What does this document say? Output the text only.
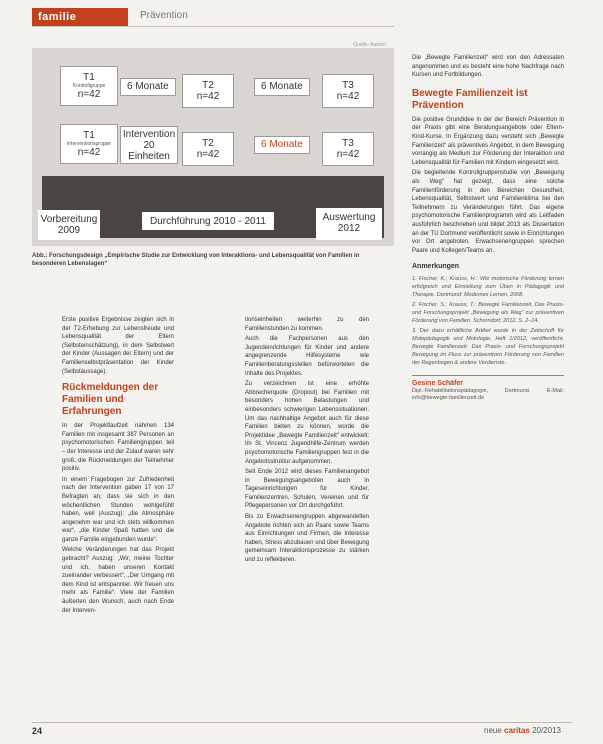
familie	Prävention
Quelle: Autorin
T1
Kontrollgruppe
n=42
6 Monate	T2
n=42
6 Monate	T3
n=42
T1
Interventionsgruppe
n=42
Intervention 20 Einheiten
T2
n=42
6 Monate	T3
n=42
Vorbereitung 2009
Durchführung 2010 - 2011	Auswertung 2012
Abb.: Forschungsdesign „Empirische Studie zur Entwicklung von Interaktions- und Lebensqualität von Familien in besonderen Lebenslagen“

Erste positive Ergebnisse zeigten sich in der T2-Erhebung zur Lebensfreude und Lebensqualität der Eltern (Selbsteinschätzung), in dem Selbstwert der Kinder (Aussagen der Eltern) und der Familienselbstpräsentation der Kinder (Selbstaussage).

Rückmeldungen der Familien und Erfahrungen

In der Projektlaufzeit nahmen 134 Familien mit insgesamt 387 Personen an psychomotorischen Familiengruppen teil – der Interesse und der Zulauf waren sehr groß, die Rückmeldungen der Teilnehmer positiv.

In einem Fragebogen zur Zufriedenheit nach der Intervention gaben 17 von 17 Befragten an, dass sie sich in den wöchentlichen Stunden wohlgefühlt haben, weil (Auszug): „die Atmosphäre angenehm war und ich stets willkommen war“, „die Kinder Spaß hatten und die ganze Familie eingebunden wurde“.

Welche Veränderungen hat das Projekt gebracht? Auszug: „Wir, meine Tochter und ich, haben unseren Kontakt zueinander verbessert“, „Der Umgang mit dem Kind ist entspannter. Wir freuen uns mehr als Familie“. Viele der Familien äußerten den Wunsch, auch nach Ende der Interven-

tionseinheiten weiterhin zu den Familienstunden zu kommen.

Auch die Fachpersonen aus den Jugendeinrichtungen für Kinder und andere angegrenzende Hilfesysteme wie Familienberatungsstellen befürworteten die Inhalte des Projektes.

Zu verzeichnen ist eine erhöhte Abbrecherquote (Dropout) bei Familien mit besonders hohen Belastungen und einbesonders schwierigen Lebenssituationen. Um das nachhaltige Angebot auch für diese Familien bieten zu können, wurde die Projektidee „Bewegte Familienzeit“ entwickelt: Im St. Vincenz Jugendhilfe-Zentrum werden psychomotorische Familiengruppen fest in die Angebotsstruktur aufgenommen.

Seit Ende 2012 wird dieses Familienangebot in Bewegungsangeboten auch in Tageseinrichtungen für Kinder, Familienzentren, Schulen, Vereinen und für Pflegepersonen vor Ort durchgeführt.

Bis zu Erwachsenengruppen abgewandelten Angebote richten sich an Paare sowie Teams aus Einrichtungen und Firmen, die Interesse haben, Stress abzubauen und über Bewegung gemeinsam Interaktionsprozesse zu stärken und zu reflektieren.

Die „Bewegte Familienzeit“ wird von den Adressaten angenommen und es besteht eine hohe Nachfrage nach Kursen und Fortbildungen.

Bewegte Familienzeit ist Prävention

Die positive Grundidee in der der Bereich Prävention in der Praxis gibt eine Beratungsangebote oder Eltern-Kind-Kurse. In Ergänzung dazu versteht sich „Bewegte Familienzeit“ als präventives Angebot, in dem Bewegung vorrangig als Medium zur Förderung der Interaktion und Lebensqualität für Familien mit Kindern eingesetzt wird.

Die begleitende Kontrollgruppenstudie von „Bewegung als Weg“ hat gezeigt, dass eine solche Familienförderung in den Bereichen Gesundheit, Lebensqualität, Selbstwert und Familienklima bei den Teilnehmern zu Veränderungen führt. Das eigene psychomotorische Familienprogramm wird als Leitfaden ausführlich beschrieben und bildet 2013 als Dissertation an der TU Dortmund veröffentlicht sowie in Einrichtungen vor Ort angeboten. Erwachsenengruppen sprechen Paare und Kollegen/Teams an.

Anmerkungen

1. Fischer, K.; Krauss, H.: Wie motorische Förderung lernen erfolgreich und Einstellung zum Üben in Pädagogik und Therapie. Dortmund: Modernes Lernen, 2008.

2. Fischer, S.; Krauss, T.: Bewegte Familienzeit. Das Praxis- und Forschungsprojekt „Bewegung als Weg“ zur präventiven Förderung von Familien. Schorndorf, 2012, S. 2–14.

3. Der dazu erhältliche Artikel wurde in der Zeitschrift für Motopädagogik und Motologie, Heft 1/2012, veröffentlicht. Bewegte Familienzeit: Das Praxis- und Forschungsprojekt Bewegung im Fluss zur präventiven Förderung von Familien der Regenbogen & andere Verdienste.

Gesine Schäfer
Dipl.-Rehabilitationspädagogin, Dortmund. E-Mail: info@bewegte-familienzeit.de
24	neue caritas 20/2013
